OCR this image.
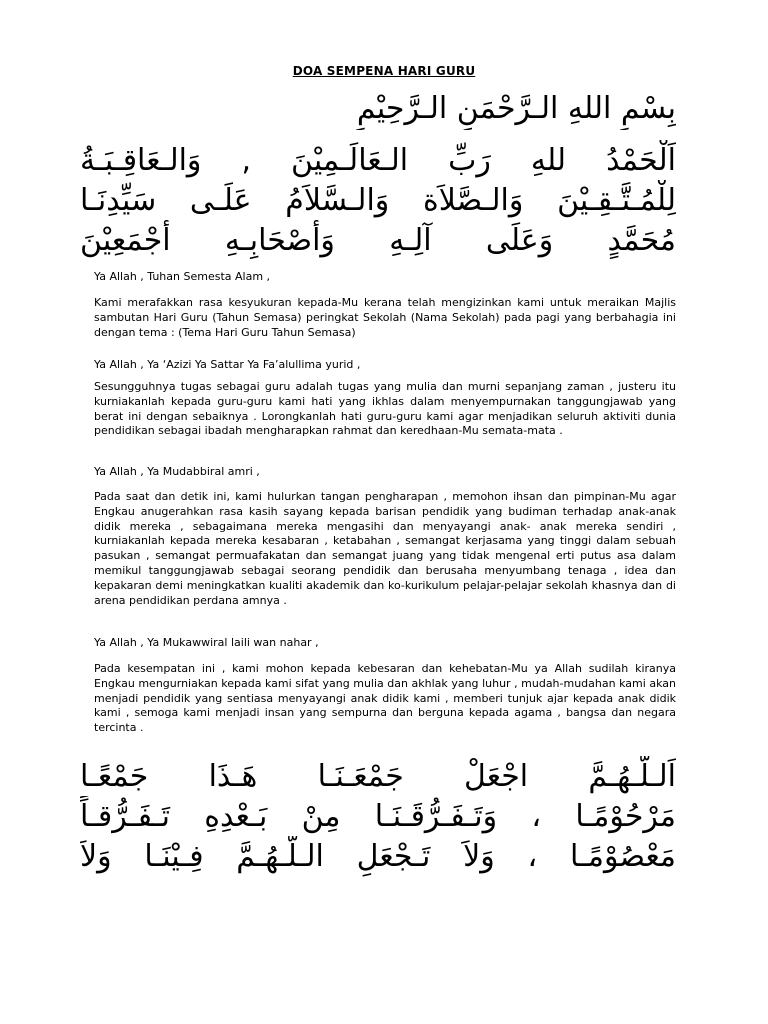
DOA SEMPENA HARI GURU
بِسْمِ اللهِ الـرَّحْمَنِ الـرَّحِيْمِ
اَلْحَمْدُ للهِ رَبِّ الـعَالَـمِيْنَ , وَالـعَاقِـبَـةُ
لِلْمُـتَّـقِـيْنَ وَالـصَّلاَة وَالـسَّلاَمُ عَلَـى سَيِّدِنَـا
مُحَمَّدٍ وَعَلَى آلِـهِ وَأَصْحَابِـهِ أَجْمَعِيْنَ
Ya Allah , Tuhan Semesta Alam ,
Kami merafakkan rasa kesyukuran kepada-Mu kerana telah mengizinkan kami untuk meraikan Majlis sambutan Hari Guru (Tahun Semasa) peringkat Sekolah (Nama Sekolah) pada pagi yang berbahagia ini dengan tema : (Tema Hari Guru Tahun Semasa)
Ya Allah , Ya ‘Azizi Ya Sattar Ya Fa’alullima yurid ,
Sesungguhnya tugas sebagai guru adalah tugas yang mulia dan murni sepanjang zaman , justeru itu kurniakanlah kepada guru-guru kami hati yang ikhlas dalam menyempurnakan tanggungjawab yang berat ini dengan sebaiknya . Lorongkanlah hati guru-guru kami agar menjadikan seluruh aktiviti dunia pendidikan sebagai ibadah mengharapkan rahmat dan keredhaan-Mu semata-mata .
Ya Allah , Ya Mudabbiral amri ,
Pada saat dan detik ini, kami hulurkan tangan pengharapan , memohon ihsan dan pimpinan-Mu agar Engkau anugerahkan rasa kasih sayang kepada barisan pendidik yang budiman terhadap anak-anak didik mereka , sebagaimana mereka mengasihi dan menyayangi anak- anak mereka sendiri , kurniakanlah kepada mereka kesabaran , ketabahan , semangat kerjasama yang tinggi dalam sebuah pasukan , semangat permuafakatan dan semangat juang yang tidak mengenal erti putus asa dalam memikul tanggungjawab sebagai seorang pendidik dan berusaha menyumbang tenaga , idea dan kepakaran demi meningkatkan kualiti akademik dan ko-kurikulum pelajar-pelajar sekolah khasnya dan di arena pendidikan perdana amnya .
Ya Allah , Ya Mukawwiral laili wan nahar ,
Pada kesempatan ini , kami mohon kepada kebesaran dan kehebatan-Mu ya Allah sudilah kiranya Engkau mengurniakan kepada kami sifat yang mulia dan akhlak yang luhur , mudah-mudahan kami akan menjadi pendidik yang sentiasa menyayangi anak didik kami , memberi tunjuk ajar kepada anak didik kami , semoga kami menjadi insan yang sempurna dan berguna kepada agama , bangsa dan negara tercinta .
اَلـلَّـهُـمَّ اجْعَلْ جَمْعَـنَـا هَـذَا جَمْعًـا
مَرْحُوْمًـا ، وَتَـفَـرُّقَـنَـا مِنْ بَـعْدِهِ تَـفَـرُّقـاً
مَعْصُوْمًـا ، وَلاَ تَـجْعَلِ الـلَّـهُـمَّ فِـيْنَـا وَلاَ
